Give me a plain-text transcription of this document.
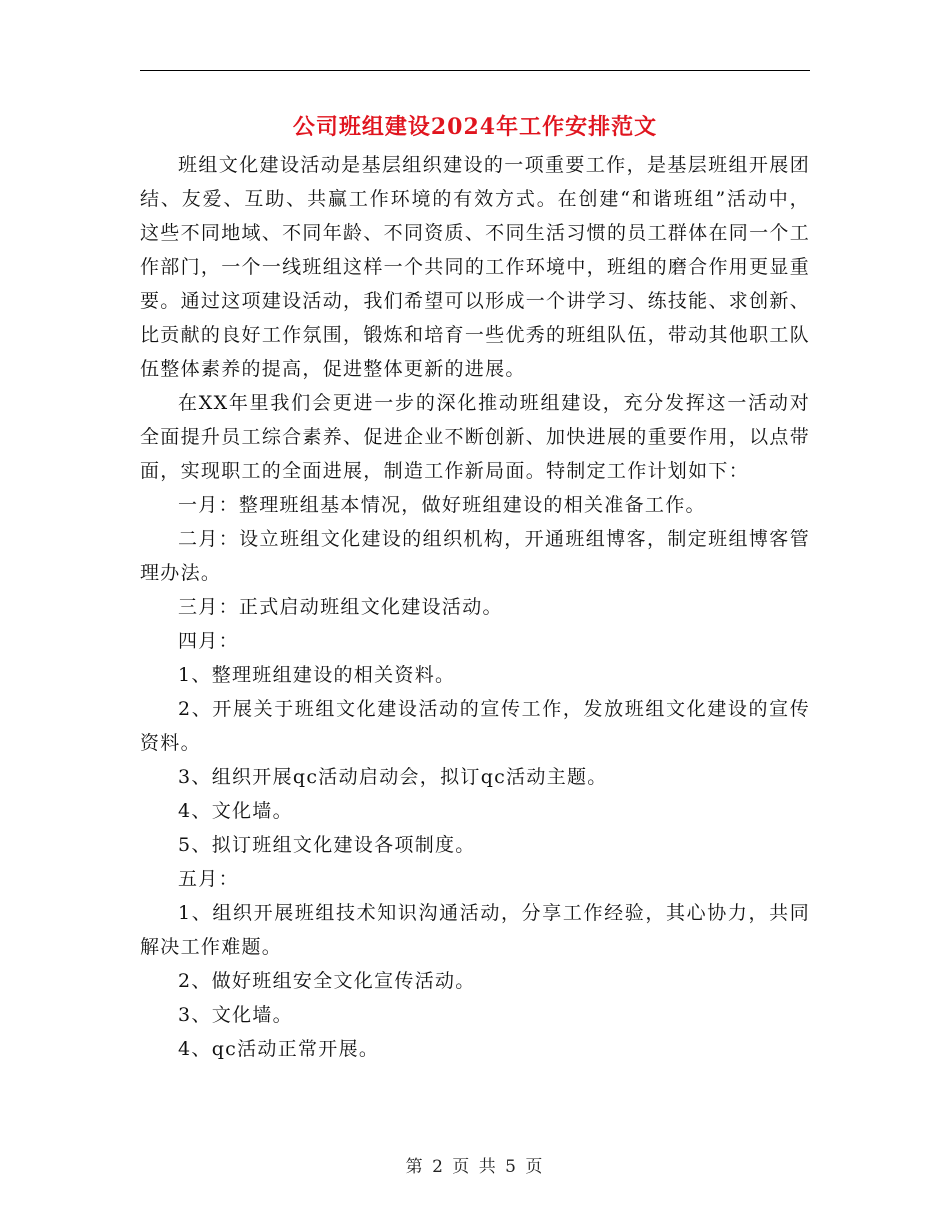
公司班组建设2024年工作安排范文

班组文化建设活动是基层组织建设的一项重要工作，是基层班组开展团结、友爱、互助、共赢工作环境的有效方式。在创建“和谐班组”活动中，这些不同地域、不同年龄、不同资质、不同生活习惯的员工群体在同一个工作部门，一个一线班组这样一个共同的工作环境中，班组的磨合作用更显重要。通过这项建设活动，我们希望可以形成一个讲学习、练技能、求创新、比贡献的良好工作氛围，锻炼和培育一些优秀的班组队伍，带动其他职工队伍整体素养的提高，促进整体更新的进展。

在XX年里我们会更进一步的深化推动班组建设，充分发挥这一活动对全面提升员工综合素养、促进企业不断创新、加快进展的重要作用，以点带面，实现职工的全面进展，制造工作新局面。特制定工作计划如下：

一月：整理班组基本情况，做好班组建设的相关准备工作。

二月：设立班组文化建设的组织机构，开通班组博客，制定班组博客管理办法。

三月：正式启动班组文化建设活动。

四月：

1、整理班组建设的相关资料。

2、开展关于班组文化建设活动的宣传工作，发放班组文化建设的宣传资料。

3、组织开展qc活动启动会，拟订qc活动主题。

4、文化墙。

5、拟订班组文化建设各项制度。

五月：

1、组织开展班组技术知识沟通活动，分享工作经验，其心协力，共同解决工作难题。

2、做好班组安全文化宣传活动。

3、文化墙。

4、qc活动正常开展。

第 2 页 共 5 页
